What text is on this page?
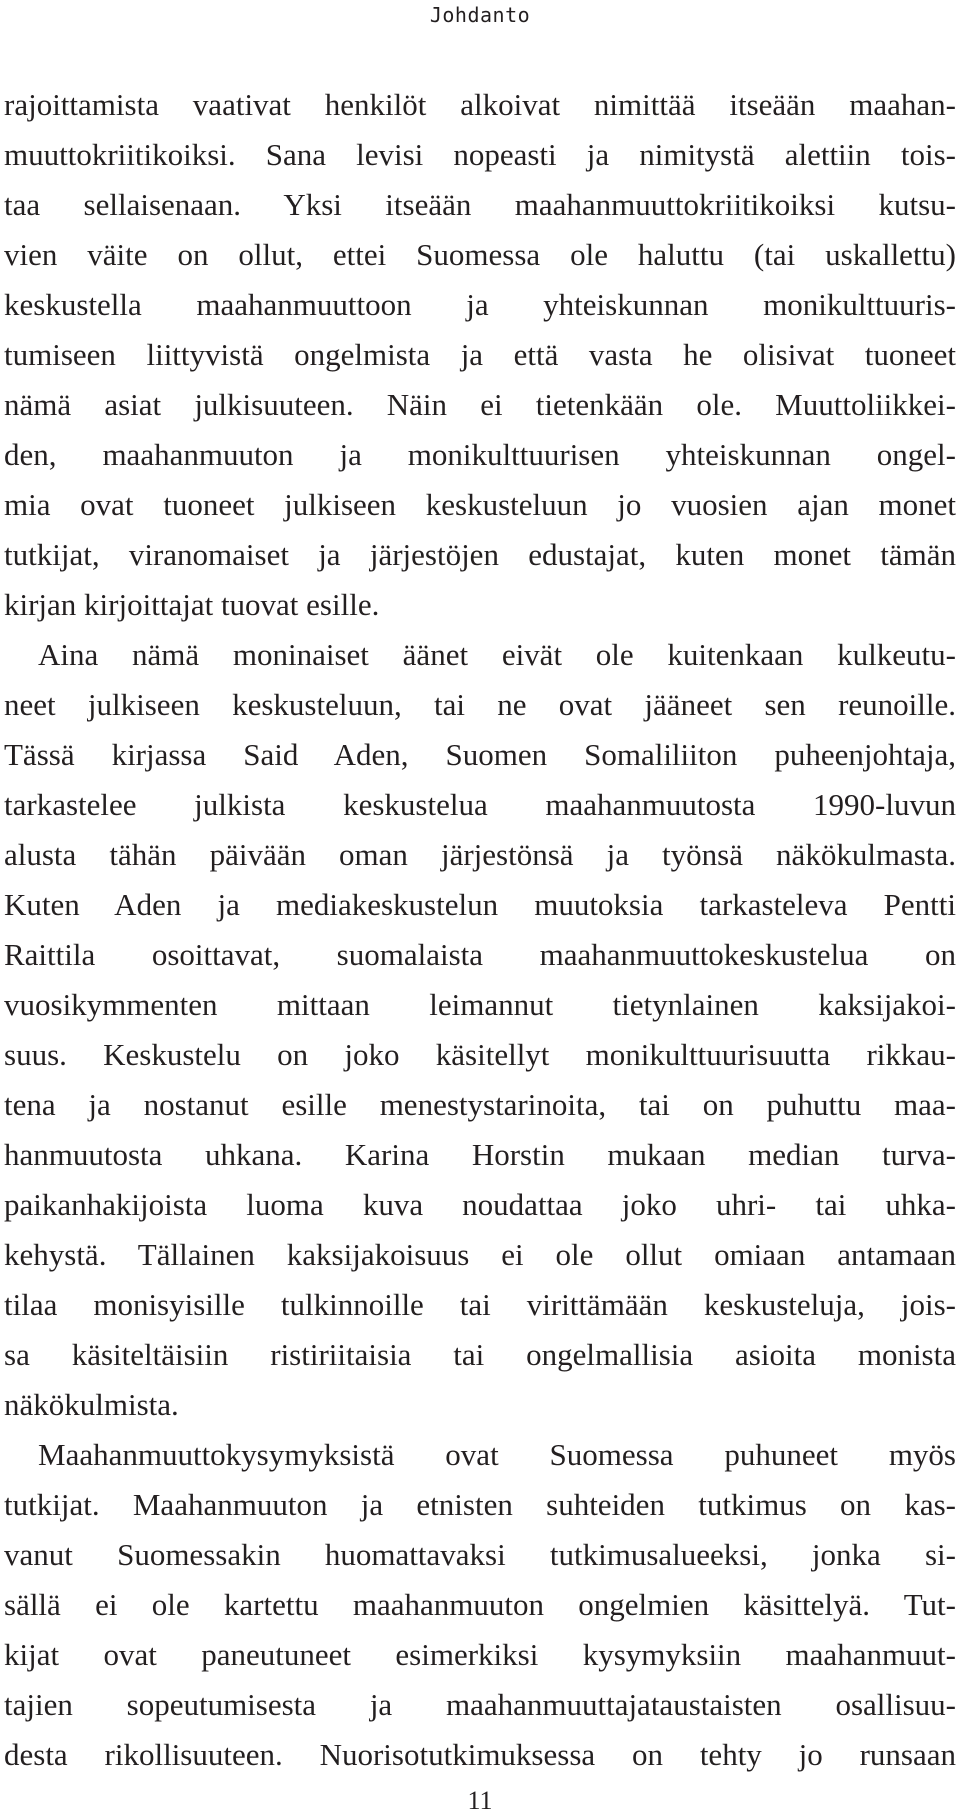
Johdanto
rajoittamista vaativat henkilöt alkoivat nimittää itseään maahan-
muuttokriitikoiksi. Sana levisi nopeasti ja nimitystä alettiin tois-
taa sellaisenaan. Yksi itseään maahanmuuttokriitikoiksi kutsu-
vien väite on ollut, ettei Suomessa ole haluttu (tai uskallettu)
keskustella maahanmuuttoon ja yhteiskunnan monikulttuuris-
tumiseen liittyvistä ongelmista ja että vasta he olisivat tuoneet
nämä asiat julkisuuteen. Näin ei tietenkään ole. Muuttoliikkei-
den, maahanmuuton ja monikulttuurisen yhteiskunnan ongel-
mia ovat tuoneet julkiseen keskusteluun jo vuosien ajan monet
tutkijat, viranomaiset ja järjestöjen edustajat, kuten monet tämän
kirjan kirjoittajat tuovat esille.
Aina nämä moninaiset äänet eivät ole kuitenkaan kulkeutu-
neet julkiseen keskusteluun, tai ne ovat jääneet sen reunoille.
Tässä kirjassa Said Aden, Suomen Somaliliiton puheenjohtaja,
tarkastelee julkista keskustelua maahanmuutosta 1990-luvun
alusta tähän päivään oman järjestönsä ja työnsä näkökulmasta.
Kuten Aden ja mediakeskustelun muutoksia tarkasteleva Pentti
Raittila osoittavat, suomalaista maahanmuuttokeskustelua on
vuosikymmenten mittaan leimannut tietynlainen kaksijakoi-
suus. Keskustelu on joko käsitellyt monikulttuurisuutta rikkau-
tena ja nostanut esille menestystarinoita, tai on puhuttu maa-
hanmuutosta uhkana. Karina Horstin mukaan median turva-
paikanhakijoista luoma kuva noudattaa joko uhri- tai uhka-
kehystä. Tällainen kaksijakoisuus ei ole ollut omiaan antamaan
tilaa monisyisille tulkinnoille tai virittämään keskusteluja, jois-
sa käsiteltäisiin ristiriitaisia tai ongelmallisia asioita monista
näkökulmista.
Maahanmuuttokysymyksistä ovat Suomessa puhuneet myös
tutkijat. Maahanmuuton ja etnisten suhteiden tutkimus on kas-
vanut Suomessakin huomattavaksi tutkimusalueeksi, jonka si-
sällä ei ole kartettu maahanmuuton ongelmien käsittelyä. Tut-
kijat ovat paneutuneet esimerkiksi kysymyksiin maahanmuut-
tajien sopeutumisesta ja maahanmuuttajataustaisten osallisuu-
desta rikollisuuteen. Nuorisotutkimuksessa on tehty jo runsaan
11
